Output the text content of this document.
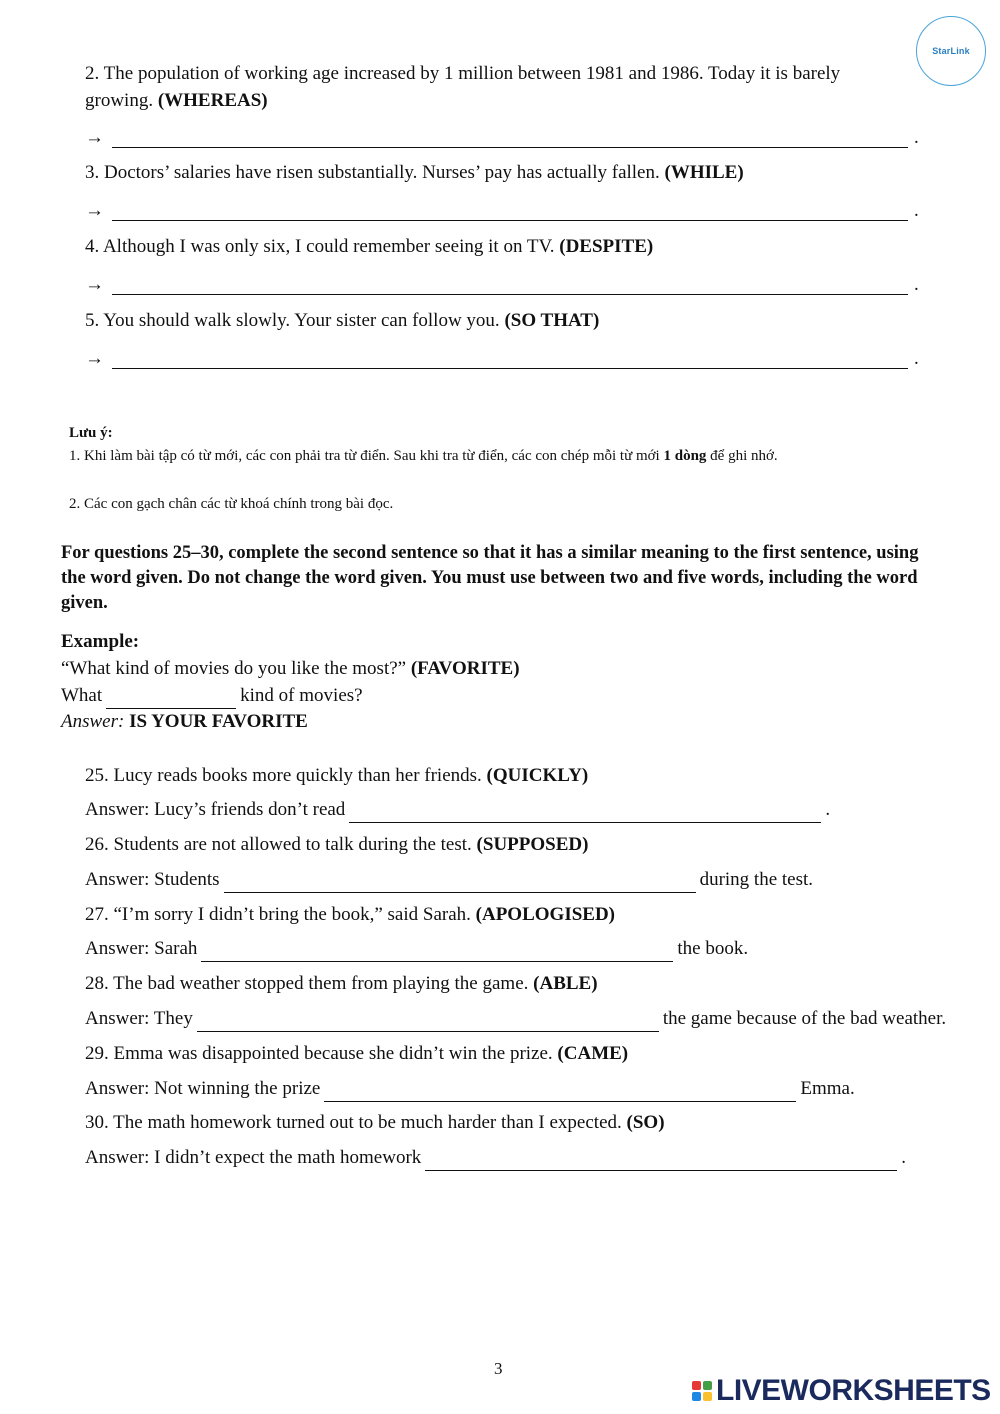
StarLink
2. The population of working age increased by 1 million between 1981 and 1986. Today it is barely growing. (WHEREAS)
→	.
3. Doctors’ salaries have risen substantially. Nurses’ pay has actually fallen. (WHILE)
→	.
4. Although I was only six, I could remember seeing it on TV. (DESPITE)
→	.
5. You should walk slowly. Your sister can follow you. (SO THAT)
→	.
Lưu ý:
1. Khi làm bài tập có từ mới, các con phải tra từ điển. Sau khi tra từ điển, các con chép mỗi từ mới 1 dòng để ghi nhớ.
2. Các con gạch chân các từ khoá chính trong bài đọc.
For questions 25–30, complete the second sentence so that it has a similar meaning to the first sentence, using the word given. Do not change the word given. You must use between two and five words, including the word given.
Example:
“What kind of movies do you like the most?” (FAVORITE)
What	kind of movies?
Answer: IS YOUR FAVORITE
25. Lucy reads books more quickly than her friends. (QUICKLY)
Answer: Lucy’s friends don’t read	.
26. Students are not allowed to talk during the test. (SUPPOSED)
Answer: Students	during the test.
27. “I’m sorry I didn’t bring the book,” said Sarah. (APOLOGISED)
Answer: Sarah	the book.
28. The bad weather stopped them from playing the game. (ABLE)
Answer: They	the game because of the bad weather.
29. Emma was disappointed because she didn’t win the prize. (CAME)
Answer: Not winning the prize	Emma.
30. The math homework turned out to be much harder than I expected. (SO)
Answer: I didn’t expect the math homework	.
3
LIVEWORKSHEETS
